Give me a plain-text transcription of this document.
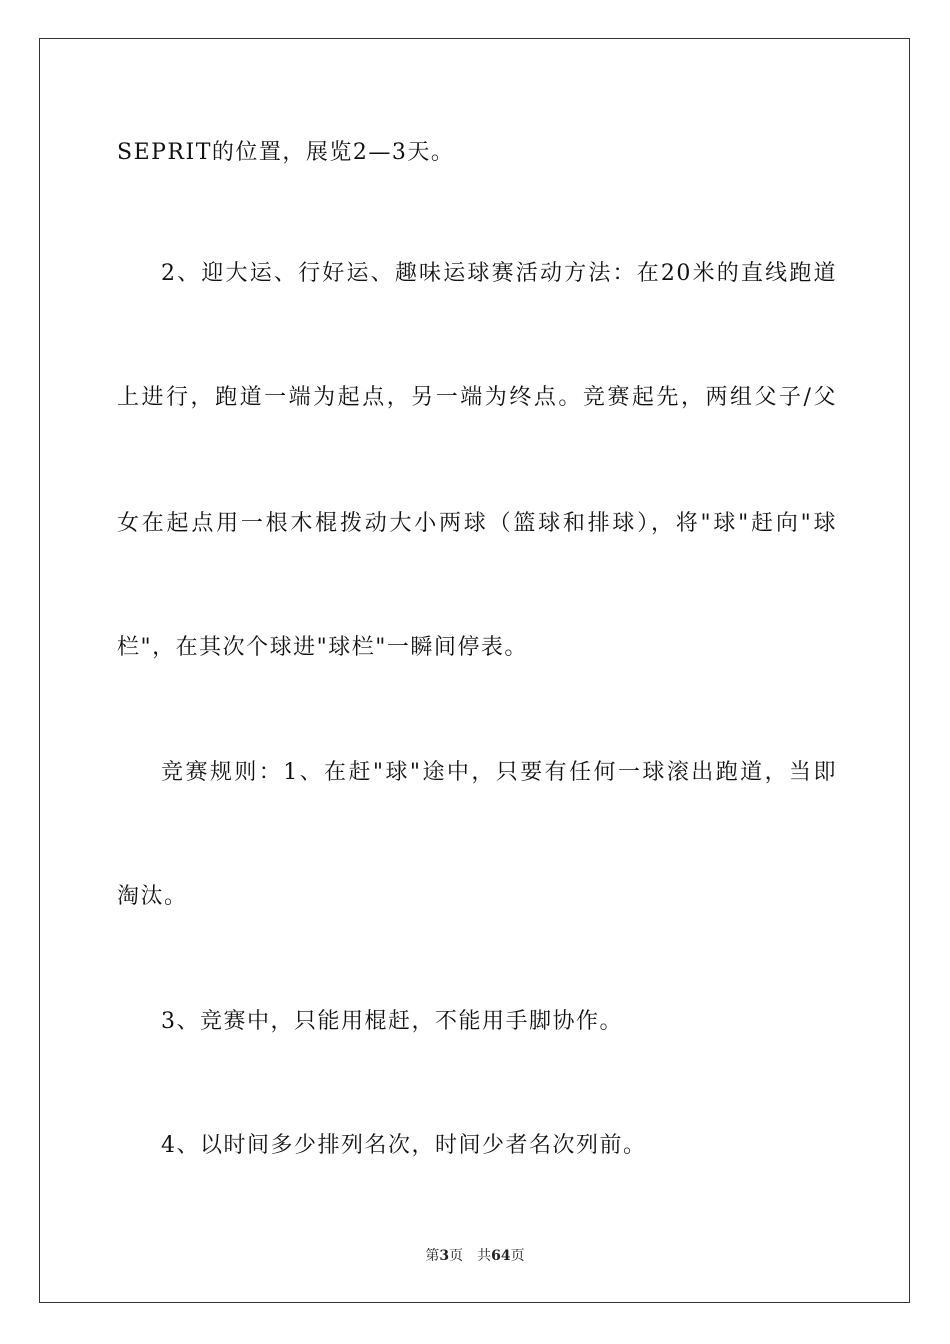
SEPRIT的位置，展览2—3天。
2、迎大运、行好运、趣味运球赛活动方法：在20米的直线跑道
上进行，跑道一端为起点，另一端为终点。竞赛起先，两组父子/父
女在起点用一根木棍拨动大小两球（篮球和排球），将"球"赶向"球
栏"，在其次个球进"球栏"一瞬间停表。
竞赛规则：1、在赶"球"途中，只要有任何一球滚出跑道，当即
淘汰。
3、竞赛中，只能用棍赶，不能用手脚协作。
4、以时间多少排列名次，时间少者名次列前。
第3页 共64页
